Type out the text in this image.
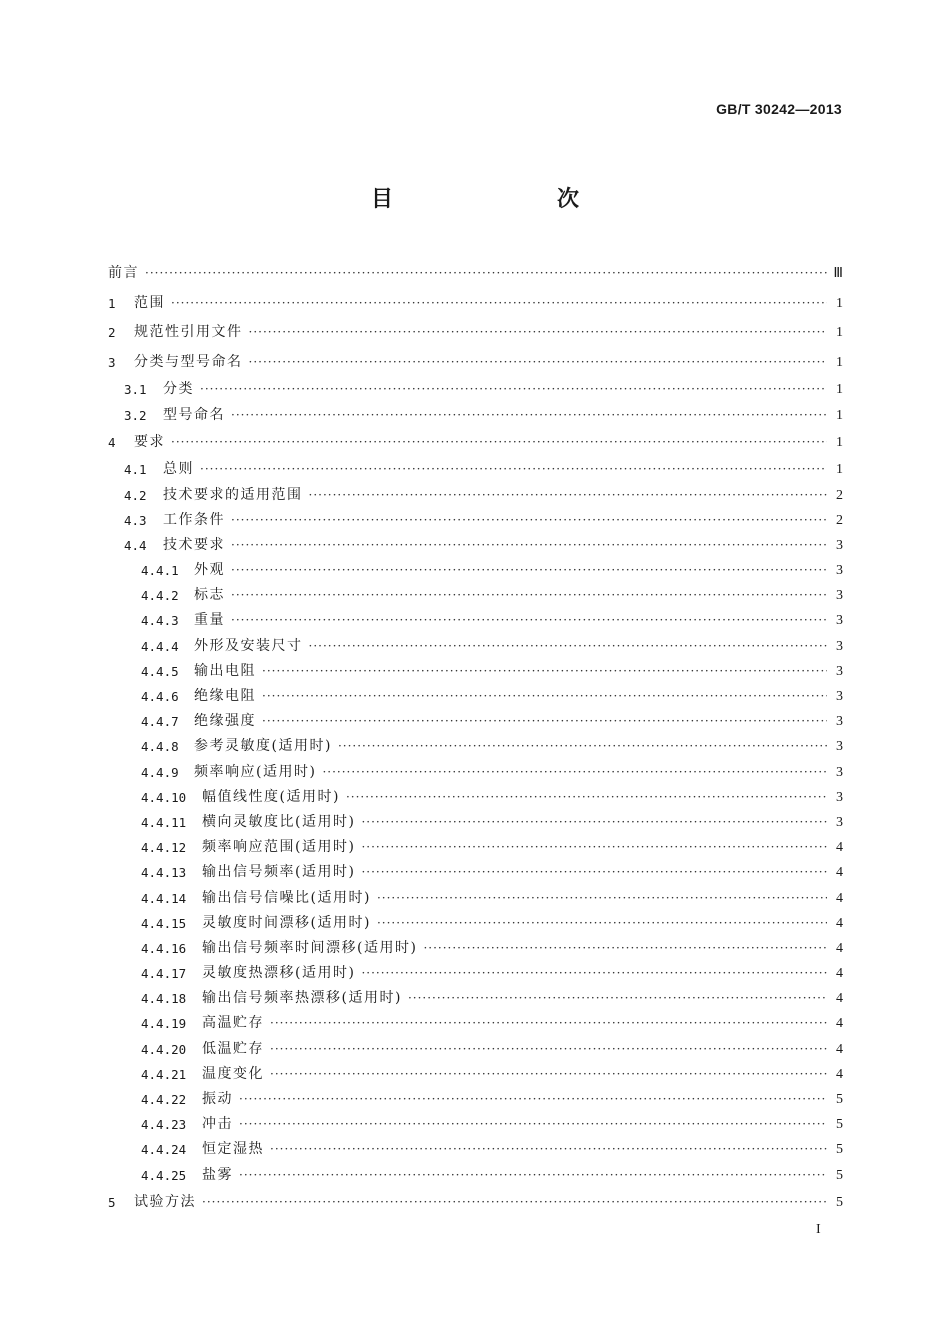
GB/T 30242—2013
目　　次
前言 ·····	Ⅲ
1	范围 ·····	1
2	规范性引用文件 ·····	1
3	分类与型号命名 ·····	1
3.1	分类 ·····	1
3.2	型号命名 ·····	1
4	要求 ·····	1
4.1	总则 ·····	1
4.2	技术要求的适用范围 ·····	2
4.3	工作条件 ·····	2
4.4	技术要求 ·····	3
4.4.1	外观 ·····	3
4.4.2	标志 ·····	3
4.4.3	重量 ·····	3
4.4.4	外形及安装尺寸 ·····	3
4.4.5	输出电阻 ·····	3
4.4.6	绝缘电阻 ·····	3
4.4.7	绝缘强度 ·····	3
4.4.8	参考灵敏度(适用时) ·····	3
4.4.9	频率响应(适用时) ·····	3
4.4.10	幅值线性度(适用时) ·····	3
4.4.11	横向灵敏度比(适用时) ·····	3
4.4.12	频率响应范围(适用时) ·····	4
4.4.13	输出信号频率(适用时) ·····	4
4.4.14	输出信号信噪比(适用时) ·····	4
4.4.15	灵敏度时间漂移(适用时) ·····	4
4.4.16	输出信号频率时间漂移(适用时) ·····	4
4.4.17	灵敏度热漂移(适用时) ·····	4
4.4.18	输出信号频率热漂移(适用时) ·····	4
4.4.19	高温贮存 ·····	4
4.4.20	低温贮存 ·····	4
4.4.21	温度变化 ·····	4
4.4.22	振动 ·····	5
4.4.23	冲击 ·····	5
4.4.24	恒定湿热 ·····	5
4.4.25	盐雾 ·····	5
5	试验方法 ·····	5
I
